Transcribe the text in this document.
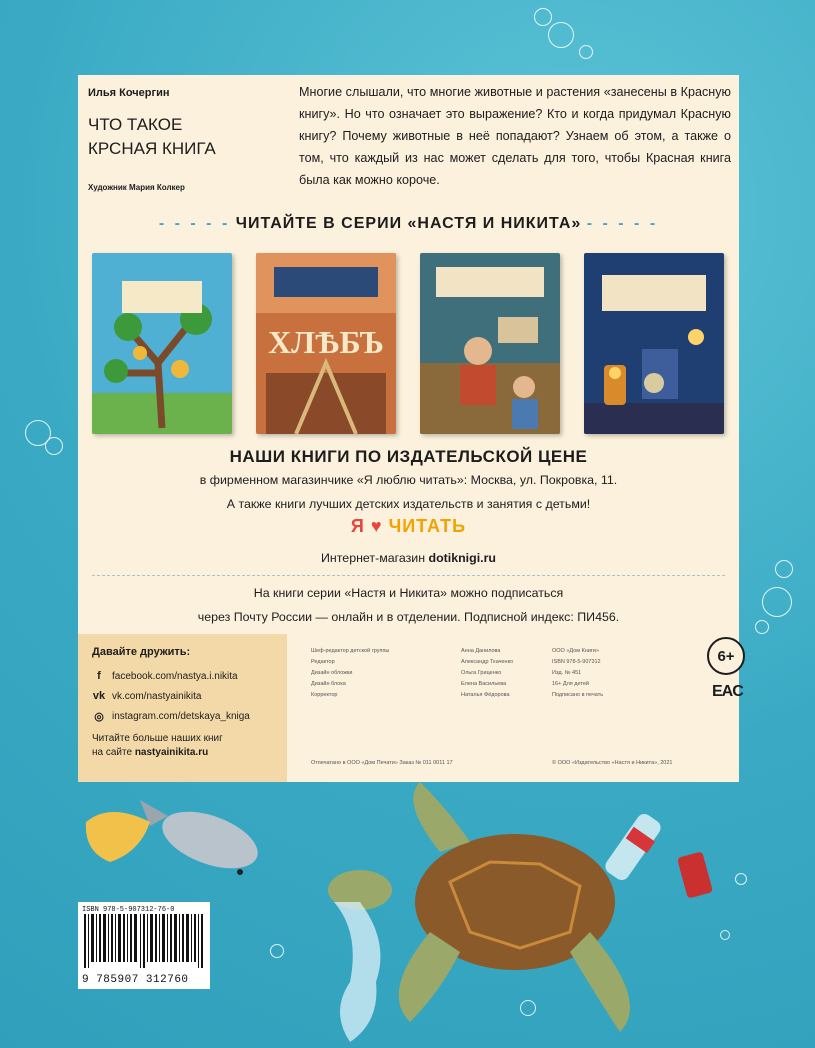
Илья Кочергин
ЧТО ТАКОЕ
КРСНАЯ КНИГА
Художник Мария Колкер
Многие слышали, что многие животные и растения «занесены в Красную книгу». Но что означает это выражение? Кто и когда придумал Красную книгу? Почему животные в неё попадают? Узнаем об этом, а также о том, что каждый из нас может сделать для того, чтобы Красная книга была как можно короче.
- - - - - ЧИТАЙТЕ В СЕРИИ «НАСТЯ И НИКИТА» - - - - -
ХЛѢБЪ
НАШИ КНИГИ ПО ИЗДАТЕЛЬСКОЙ ЦЕНЕ
в фирменном магазинчике «Я люблю читать»: Москва, ул. Покровка, 11.
А также книги лучших детских издательств и занятия с детьми!
Я ♥ ЧИТАТЬ
Интернет-магазин dotiknigi.ru
На книги серии «Настя и Никита» можно подписаться
через Почту России — онлайн и в отделении. Подписной индекс: ПИ456.
Давайте дружить:
f	facebook.com/nastya.i.nikita
vk vk.com/nastyainikita
◎ instagram.com/detskaya_kniga
Читайте больше наших книг
на сайте nastyainikita.ru
Шеф-редактор детской группы
Редактор
Дизайн обложки
Дизайн блока
Корректор
Анна Данилова
Александр Ткаченко
Ольга Гриценко
Елена Васильева
Наталья Фёдорова
ООО «Дом Книги»
ISBN 978-5-907312
Изд. № 451
16+ Для детей
Подписано в печать
Отпечатано в ООО «Дом Печати» Заказ № 011 0011 17	© ООО «Издательство «Настя и Никита», 2021
6+
EAC
ISBN 978-5-907312-76-0
9 785907 312760
